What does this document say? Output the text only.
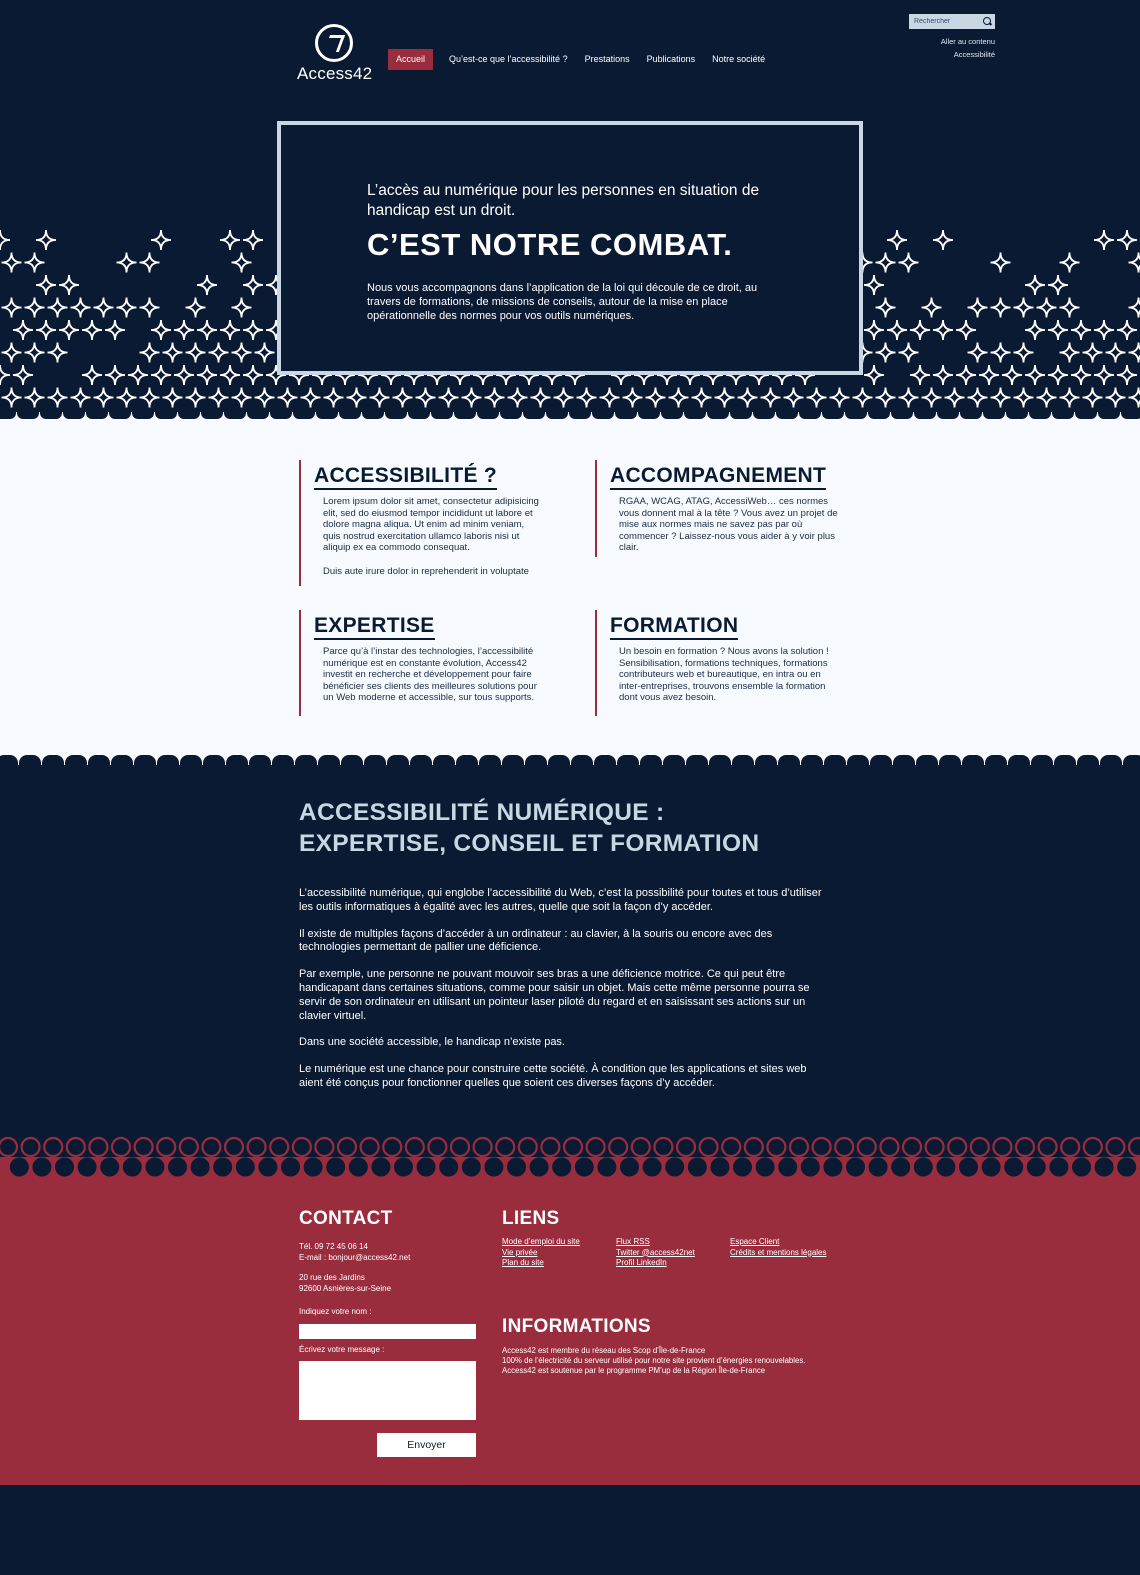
Access42
Accueil	Qu’est-ce que l’accessibilité ?	Prestations	Publications	Notre société
Rechercher
Aller au contenu
Accessibilité

L’accès au numérique pour les personnes en situation de handicap est un droit.

C’EST NOTRE COMBAT.

Nous vous accompagnons dans l’application de la loi qui découle de ce droit, au travers de formations, de missions de conseils, autour de la mise en place opérationnelle des normes pour vos outils numériques.

ACCESSIBILITÉ ?

Lorem ipsum dolor sit amet, consectetur adipisicing elit, sed do eiusmod tempor incididunt ut labore et dolore magna aliqua. Ut enim ad minim veniam, quis nostrud exercitation ullamco laboris nisi ut aliquip ex ea commodo consequat.

Duis aute irure dolor in reprehenderit in voluptate

ACCOMPAGNEMENT

RGAA, WCAG, ATAG, AccessiWeb… ces normes vous donnent mal à la tête ? Vous avez un projet de mise aux normes mais ne savez pas par où commencer ? Laissez-nous vous aider à y voir plus clair.

EXPERTISE

Parce qu’à l’instar des technologies, l’accessibilité numérique est en constante évolution, Access42 investit en recherche et développement pour faire bénéficier ses clients des meilleures solutions pour un Web moderne et accessible, sur tous supports.

FORMATION

Un besoin en formation ? Nous avons la solution ! Sensibilisation, formations techniques, formations contributeurs web et bureautique, en intra ou en inter-entreprises, trouvons ensemble la formation dont vous avez besoin.

ACCESSIBILITÉ NUMÉRIQUE :
EXPERTISE, CONSEIL ET FORMATION

L’accessibilité numérique, qui englobe l’accessibilité du Web, c’est la possibilité pour toutes et tous d’utiliser les outils informatiques à égalité avec les autres, quelle que soit la façon d’y accéder.

Il existe de multiples façons d’accéder à un ordinateur : au clavier, à la souris ou encore avec des technologies permettant de pallier une déficience.

Par exemple, une personne ne pouvant mouvoir ses bras a une déficience motrice. Ce qui peut être handicapant dans certaines situations, comme pour saisir un objet. Mais cette même personne pourra se servir de son ordinateur en utilisant un pointeur laser piloté du regard et en saisissant ses actions sur un clavier virtuel.

Dans une société accessible, le handicap n’existe pas.

Le numérique est une chance pour construire cette société. À condition que les applications et sites web aient été conçus pour fonctionner quelles que soient ces diverses façons d’y accéder.

CONTACT
Tél. 09 72 45 06 14
E-mail : bonjour@access42.net
20 rue des Jardins
92600 Asnières-sur-Seine
Indiquez votre nom :
Écrivez votre message :
Envoyer
LIENS
Mode d’emploi du site
Vie privée
Plan du site
Flux RSS
Twitter @access42net
Profil LinkedIn
Espace Client
Crédits et mentions légales
INFORMATIONS

Access42 est membre du réseau des Scop d’Île-de-France

100% de l’électricité du serveur utilisé pour notre site provient d’énergies renouvelables.

Access42 est soutenue par le programme PM’up de la Région Île-de-France
